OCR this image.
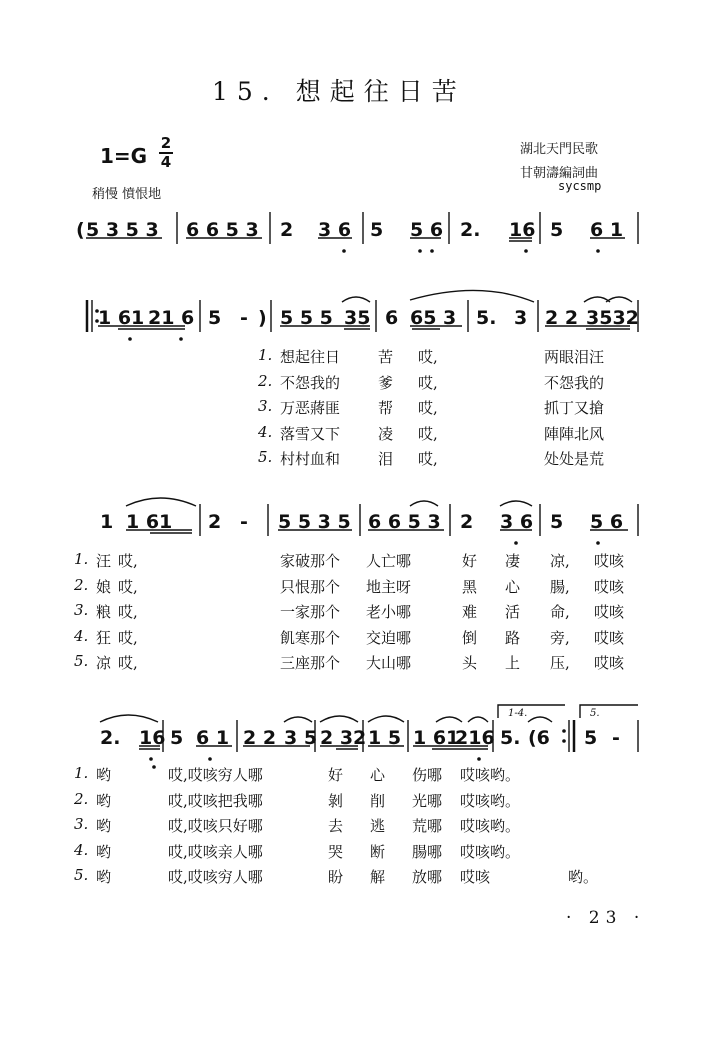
15. 想起往日苦
1=G
2
4
稍慢 憤恨地
湖北天門民歌
甘朝濤編詞曲
sycsmp
( 5 3 5 3 6 6 5 3 2 3 6 5 5 6 2. 16 5 6 1
1 61 21 6 5 - ) 5 5 5 35 6 65 3 5. 3 2 2 3532
1 1 61 2 - 5 5 3 5 6 6 5 3 2 3 6 5 5 6
2. 16 5 6 1 2 2 3 5 2 32 1 5 1 61
216 5. (6 5 -
1-4.	5.
1. 想起往日	苦 哎,	两眼泪汪
2. 不怨我的	爹 哎,	不怨我的
3. 万恶蔣匪	帮 哎,	抓丁又搶
4. 落雪又下	凌 哎,	陣陣北风
5. 村村血和	泪 哎,	处处是荒
1. 汪 哎,	家破那个 人亡哪	好 凄 凉, 哎咳
2. 娘 哎,	只恨那个 地主呀	黑 心 腸, 哎咳
3. 粮 哎,	一家那个 老小哪	难 活 命, 哎咳
4. 狂 哎,	飢寒那个 交迫哪	倒 路 旁, 哎咳
5. 凉 哎,	三座那个 大山哪	头 上 压, 哎咳
1. 哟	哎,哎咳穷人哪	好 心 伤哪 哎咳哟。
2. 哟	哎,哎咳把我哪	剝 削 光哪 哎咳哟。
3. 哟	哎,哎咳只好哪	去 逃 荒哪 哎咳哟。
4. 哟	哎,哎咳亲人哪	哭 断 腸哪 哎咳哟。
5. 哟	哎,哎咳穷人哪	盼 解 放哪 哎咳	哟。
· 23 ·
